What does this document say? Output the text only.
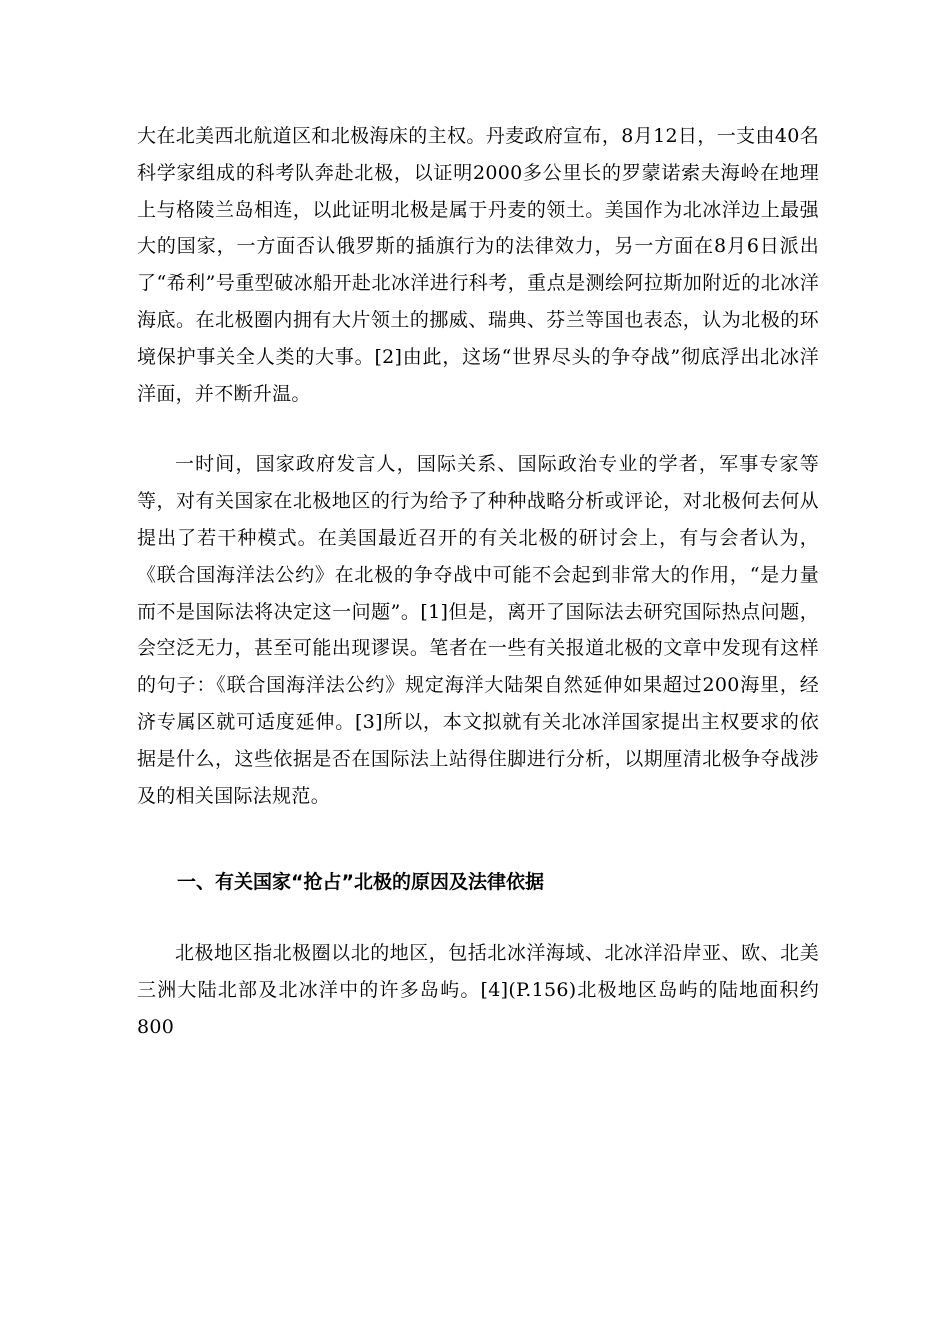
大在北美西北航道区和北极海床的主权。丹麦政府宣布，8月12日，一支由40名科学家组成的科考队奔赴北极，以证明2000多公里长的罗蒙诺索夫海岭在地理上与格陵兰岛相连，以此证明北极是属于丹麦的领土。美国作为北冰洋边上最强大的国家，一方面否认俄罗斯的插旗行为的法律效力，另一方面在8月6日派出了“希利”号重型破冰船开赴北冰洋进行科考，重点是测绘阿拉斯加附近的北冰洋海底。在北极圈内拥有大片领土的挪威、瑞典、芬兰等国也表态，认为北极的环境保护事关全人类的大事。[2]由此，这场“世界尽头的争夺战”彻底浮出北冰洋洋面，并不断升温。

一时间，国家政府发言人，国际关系、国际政治专业的学者，军事专家等等，对有关国家在北极地区的行为给予了种种战略分析或评论，对北极何去何从提出了若干种模式。在美国最近召开的有关北极的研讨会上，有与会者认为，《联合国海洋法公约》在北极的争夺战中可能不会起到非常大的作用，“是力量而不是国际法将决定这一问题”。[1]但是，离开了国际法去研究国际热点问题，会空泛无力，甚至可能出现谬误。笔者在一些有关报道北极的文章中发现有这样的句子：《联合国海洋法公约》规定海洋大陆架自然延伸如果超过200海里，经济专属区就可适度延伸。[3]所以，本文拟就有关北冰洋国家提出主权要求的依据是什么，这些依据是否在国际法上站得住脚进行分析，以期厘清北极争夺战涉及的相关国际法规范。

一、有关国家“抢占”北极的原因及法律依据

北极地区指北极圈以北的地区，包括北冰洋海域、北冰洋沿岸亚、欧、北美三洲大陆北部及北冰洋中的许多岛屿。[4](P.156)北极地区岛屿的陆地面积约800
